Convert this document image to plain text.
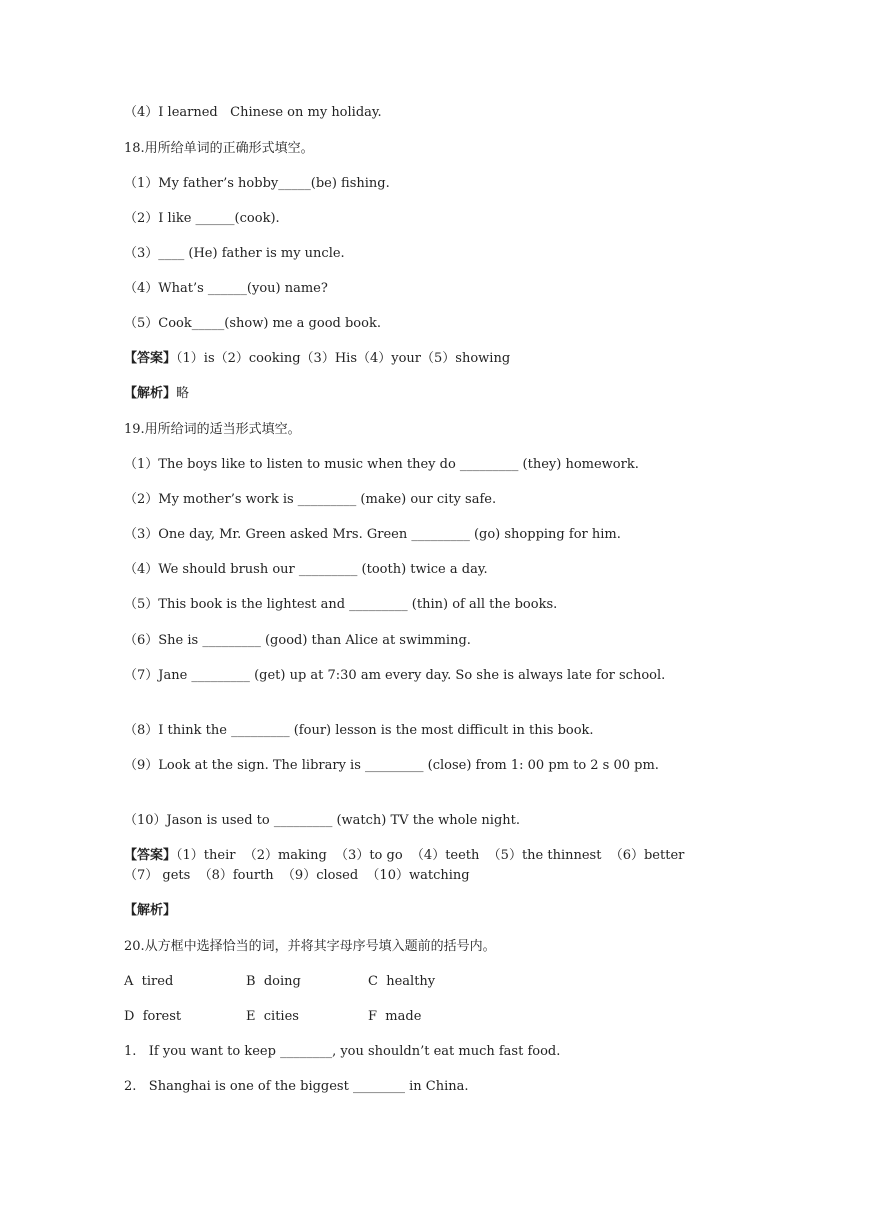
（4）I learned   Chinese on my holiday.

18.用所给单词的正确形式填空。

（1）My father’s hobby_____(be) fishing.

（2）I like ______(cook).

（3）____ (He) father is my uncle.

（4）What’s ______(you) name?

（5）Cook_____(show) me a good book.

【答案】（1）is（2）cooking（3）His（4）your（5）showing

【解析】略

19.用所给词的适当形式填空。

（1）The boys like to listen to music when they do _________ (they) homework.

（2）My mother’s work is _________ (make) our city safe.

（3）One day, Mr. Green asked Mrs. Green _________ (go) shopping for him.

（4）We should brush our _________ (tooth) twice a day.

（5）This book is the lightest and _________ (thin) of all the books.

（6）She is _________ (good) than Alice at swimming.

（7）Jane _________ (get) up at 7:30 am every day. So she is always late for school.

（8）I think the _________ (four) lesson is the most difficult in this book.

（9）Look at the sign. The library is _________ (close) from 1: 00 pm to 2 s 00 pm.

（10）Jason is used to _________ (watch) TV the whole night.

【答案】（1）their  （2）making  （3）to go  （4）teeth  （5）the thinnest  （6）better   （7） gets  （8）fourth  （9）closed  （10）watching

【解析】

20.从方框中选择恰当的词，并将其字母序号填入题前的括号内。

A tired	B doing	C healthy
D forest	E cities	F made

1.   If you want to keep ________, you shouldn’t eat much fast food.

2.   Shanghai is one of the biggest ________ in China.
